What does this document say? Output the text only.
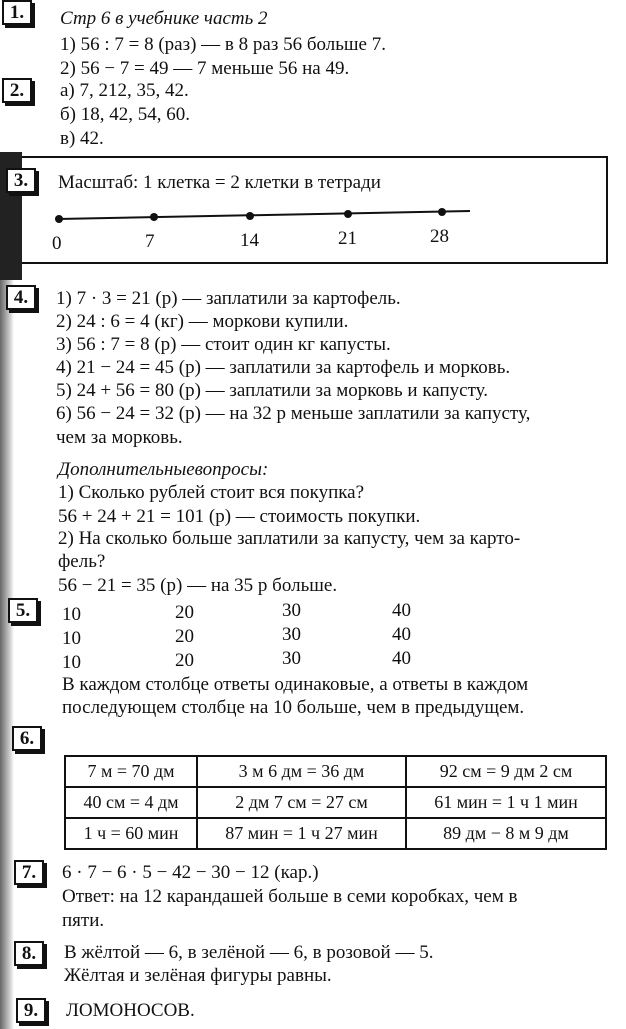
1.	Стр 6 в учебнике часть 2
1) 56 : 7 = 8 (раз) — в 8 раз 56 больше 7.
2) 56 − 7 = 49 — 7 меньше 56 на 49.
2.	а) 7, 212, 35, 42.
б) 18, 42, 54, 60.
в) 42.
3.	Масштаб: 1 клетка = 2 клетки в тетради
0	7	14	21	28
4.	1) 7 · 3 = 21 (р) — заплатили за картофель.
2) 24 : 6 = 4 (кг) — моркови купили.
3) 56 : 7 = 8 (р) — стоит один кг капусты.
4) 21 − 24 = 45 (р) — заплатили за картофель и морковь.
5) 24 + 56 = 80 (р) — заплатили за морковь и капусту.
6) 56 − 24 = 32 (р) — на 32 р меньше заплатили за капусту,
чем за морковь.
Дополнительныевопросы:
1) Сколько рублей стоит вся покупка?
56 + 24 + 21 = 101 (р) — стоимость покупки.
2) На сколько больше заплатили за капусту, чем за карто-
фель?
56 − 21 = 35 (р) — на 35 р больше.
5.	10	20	30	40
10	20	30	40
10	20	30	40
В каждом столбце ответы одинаковые, а ответы в каждом
последующем столбце на 10 больше, чем в предыдущем.
6.
7 м = 70 дм	3 м 6 дм = 36 дм	92 см = 9 дм 2 см
40 см = 4 дм	2 дм 7 см = 27 см	61 мин = 1 ч 1 мин
1 ч = 60 мин	87 мин = 1 ч 27 мин	89 дм − 8 м 9 дм
7.	6 · 7 − 6 · 5 − 42 − 30 − 12 (кар.)
Ответ: на 12 карандашей больше в семи коробках, чем в
пяти.
8.	В жёлтой — 6, в зелёной — 6, в розовой — 5.
Жёлтая и зелёная фигуры равны.
9.	ЛОМОНОСОВ.
